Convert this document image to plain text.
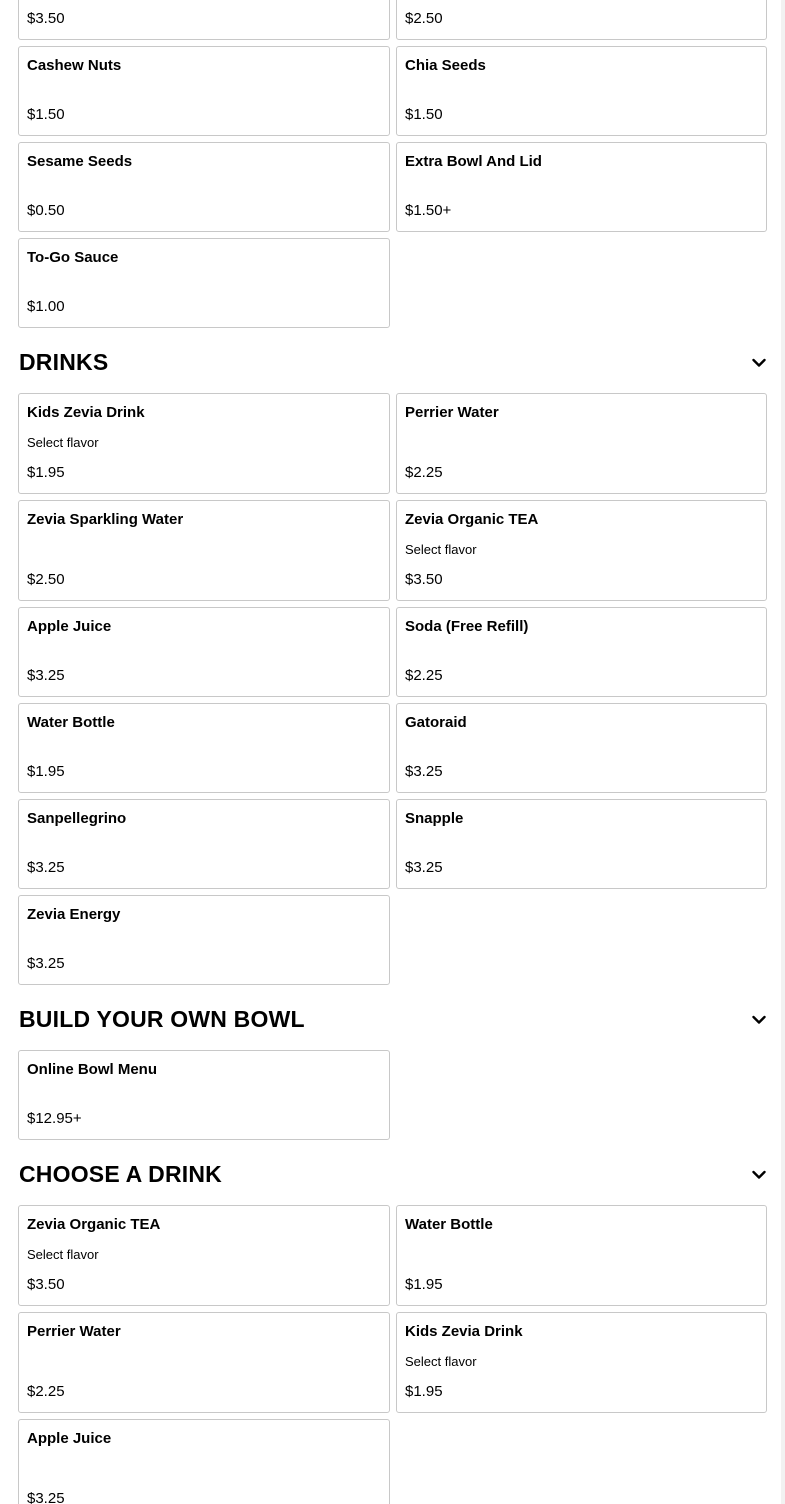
$3.50	$2.50
Cashew Nuts
$1.50
Chia Seeds
$1.50
Sesame Seeds
$0.50
Extra Bowl And Lid
$1.50+
To-Go Sauce
$1.00
DRINKS
Kids Zevia Drink
Select flavor
$1.95
Perrier Water
$2.25
Zevia Sparkling Water
$2.50
Zevia Organic TEA
Select flavor
$3.50
Apple Juice
$3.25
Soda (Free Refill)
$2.25
Water Bottle
$1.95
Gatoraid
$3.25
Sanpellegrino
$3.25
Snapple
$3.25
Zevia Energy
$3.25
BUILD YOUR OWN BOWL
Online Bowl Menu
$12.95+
CHOOSE A DRINK
Zevia Organic TEA
Select flavor
$3.50
Water Bottle
$1.95
Perrier Water
$2.25
Kids Zevia Drink
Select flavor
$1.95
Apple Juice
$3.25
